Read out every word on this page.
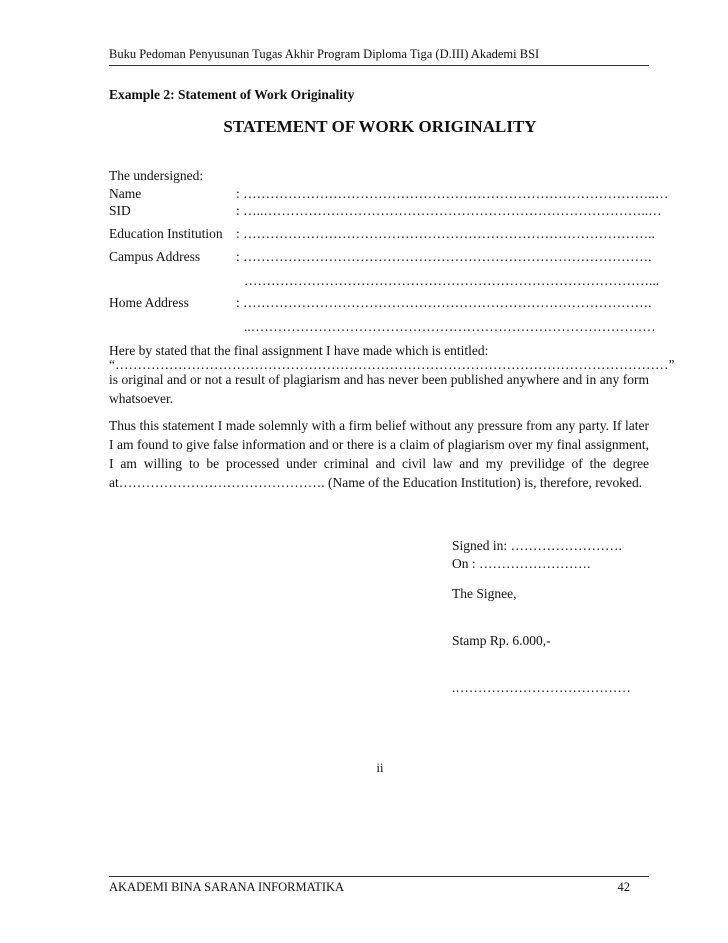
Buku Pedoman Penyusunan Tugas Akhir Program Diploma Tiga (D.III) Akademi BSI
Example 2: Statement of Work Originality
STATEMENT OF WORK ORIGINALITY
The undersigned:
Name	: ………………………………………………………………………………..…
SID	: …..…………………………………………………………………………..…
Education Institution : ………………………………………………………………………………..
Campus Address	: ……………………………………………………………………………….
………………………………………………………………………………...
Home Address	: ……………………………………………………………………………….
..………………………………………………………………………………
Here by stated that the final assignment I have made which is entitled:
“……………………………………………………………………………………………………………”
is original and or not a result of plagiarism and has never been published anywhere and in any form whatsoever.
Thus this statement I made solemnly with a firm belief without any pressure from any party. If later I am found to give false information and or there is a claim of plagiarism over my final assignment, I am willing to be processed under criminal and civil law and my previlidge of the degree at………………………………………. (Name of the Education Institution) is, therefore, revoked.
Signed in: …………………….
On : …………………….
The Signee,
Stamp Rp. 6.000,-
.…………………………………
ii
AKADEMI BINA SARANA INFORMATIKA	42
